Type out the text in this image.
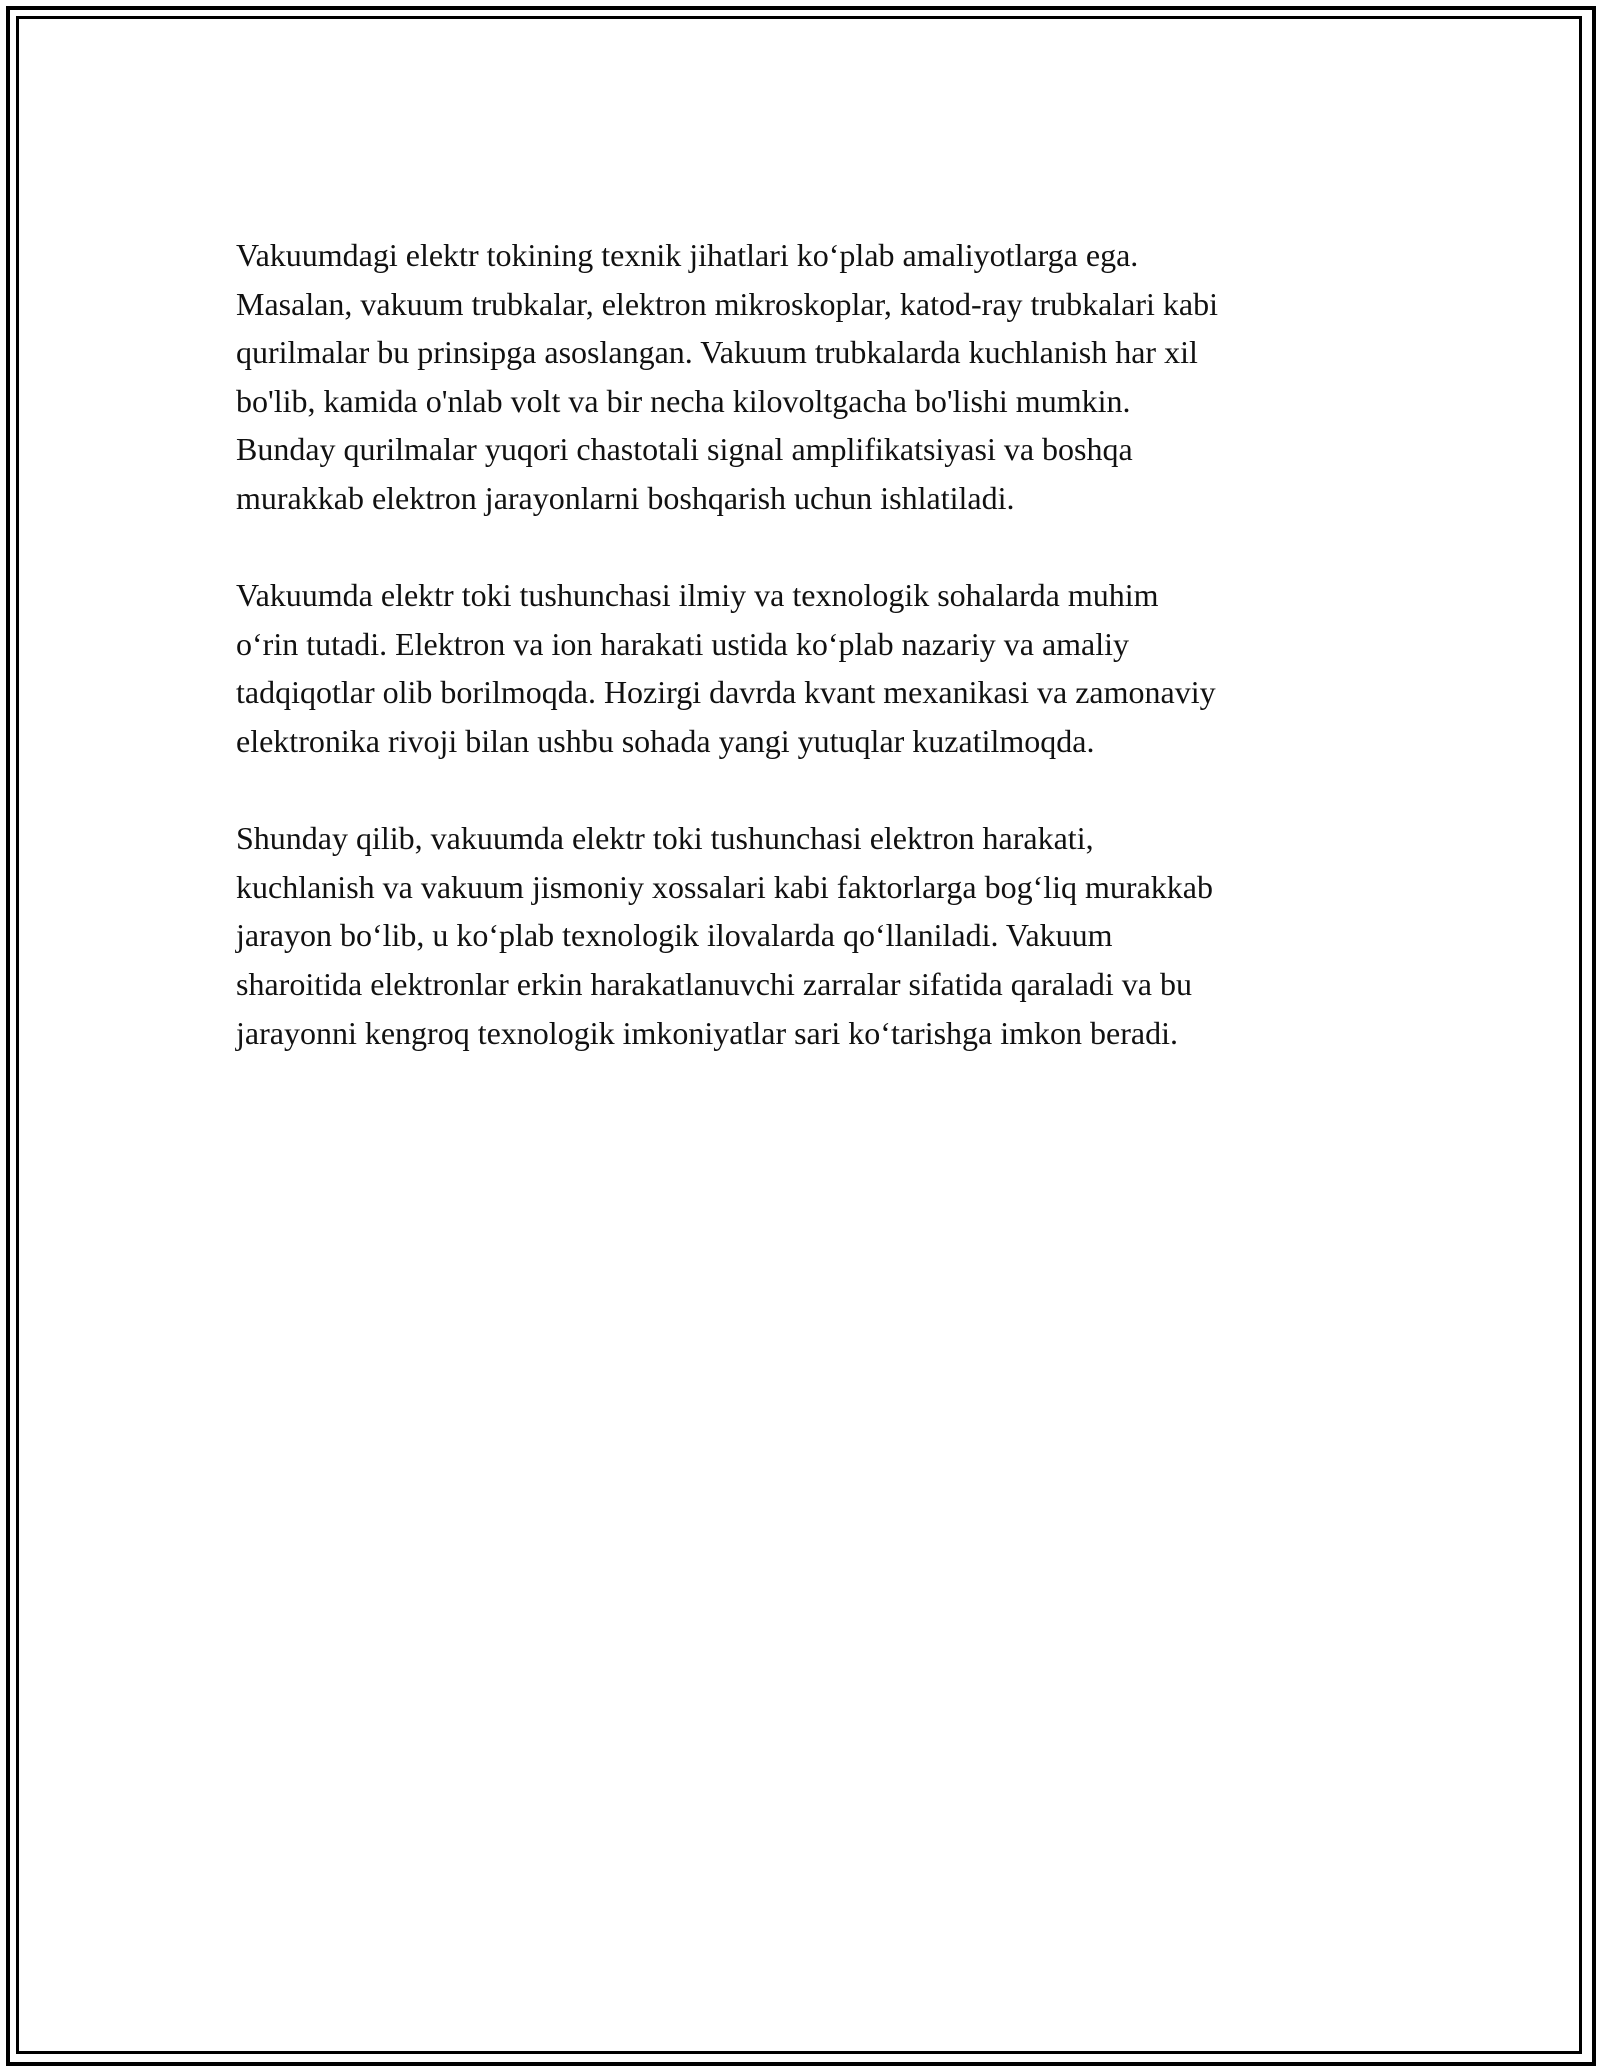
Vakuumdagi elektr tokining texnik jihatlari ko‘plab amaliyotlarga ega.
Masalan, vakuum trubkalar, elektron mikroskoplar, katod-ray trubkalari kabi
qurilmalar bu prinsipga asoslangan. Vakuum trubkalarda kuchlanish har xil
bo'lib, kamida o'nlab volt va bir necha kilovoltgacha bo'lishi mumkin.
Bunday qurilmalar yuqori chastotali signal amplifikatsiyasi va boshqa
murakkab elektron jarayonlarni boshqarish uchun ishlatiladi.

Vakuumda elektr toki tushunchasi ilmiy va texnologik sohalarda muhim
o‘rin tutadi. Elektron va ion harakati ustida ko‘plab nazariy va amaliy
tadqiqotlar olib borilmoqda. Hozirgi davrda kvant mexanikasi va zamonaviy
elektronika rivoji bilan ushbu sohada yangi yutuqlar kuzatilmoqda.

Shunday qilib, vakuumda elektr toki tushunchasi elektron harakati,
kuchlanish va vakuum jismoniy xossalari kabi faktorlarga bog‘liq murakkab
jarayon bo‘lib, u ko‘plab texnologik ilovalarda qo‘llaniladi. Vakuum
sharoitida elektronlar erkin harakatlanuvchi zarralar sifatida qaraladi va bu
jarayonni kengroq texnologik imkoniyatlar sari ko‘tarishga imkon beradi.
